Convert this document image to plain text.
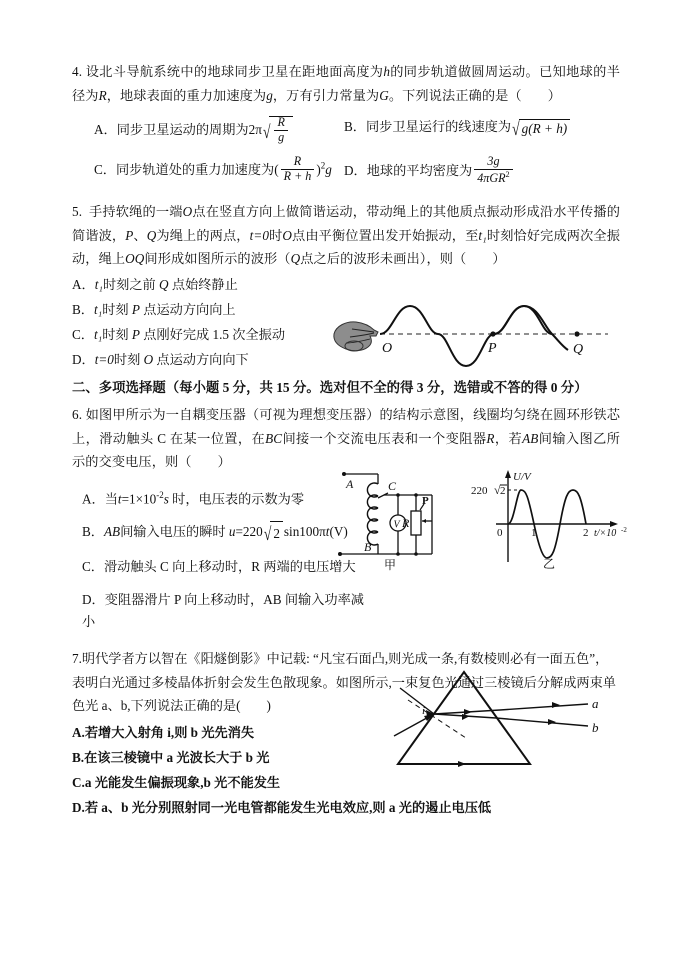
4. 设北斗导航系统中的地球同步卫星在距地面高度为h的同步轨道做圆周运动。已知地球的半径为R，地球表面的重力加速度为g，万有引力常量为G。下列说法正确的是（ ）
A．同步卫星运动的周期为2π √ $\frac{R}{g}$	B．同步卫星运行的线速度为 √ g(R + h)
C．同步轨道处的重力加速度为( $\frac{R}{R + h} )^2g$ D．地球的平均密度为 $\frac{3g}{4\pi GR^2}$
5. 手持软绳的一端O点在竖直方向上做简谐运动，带动绳上的其他质点振动形成沿水平传播的简谐波，P、Q为绳上的两点，t=0时O点由平衡位置出发开始振动，至t₁时刻恰好完成两次全振动，绳上OQ间形成如图所示的波形（Q点之后的波形未画出），则（ ）
A．t₁时刻之前 Q 点始终静止
B．t₁时刻 P 点运动方向向上
C．t₁时刻 P 点刚好完成 1.5 次全振动
D．t=0时刻 O 点运动方向向下
二、多项选择题（每小题 5 分，共 15 分。选对但不全的得 3 分，选错或不答的得 0 分）
6. 如图甲所示为一自耦变压器（可视为理想变压器）的结构示意图，线圈均匀绕在圆环形铁芯上，滑动触头 C 在某一位置，在BC间接一个交流电压表和一个变阻器R，若AB间输入图乙所示的交变电压，则（ ）
A．当$t=1\times 10^{-2}s$ 时，电压表的示数为零
B．AB间输入电压的瞬时 u=220 √ 2 sin100πt(V)
C．滑动触头 C 向上移动时，R 两端的电压增大
D．变阻器滑片 P 向上移动时，AB 间输入功率减小
7.明代学者方以智在《阳燧倒影》中记载: “凡宝石面凸,则光成一条,有数棱则必有一面五色”，表明白光通过多棱晶体折射会发生色散现象。如图所示,一束复色光通过三棱镜后分解成两束单色光 a、b,下列说法正确的是( )
A.若增大入射角 i,则 b 光先消失
B.在该三棱镜中 a 光波长大于 b 光
C.a 光能发生偏振现象,b 光不能发生
D.若 a、b 光分别照射同一光电管都能发生光电效应,则 a 光的遏止电压低
O	P	Q
A	C
B
V R
P
甲
U/V
220 √ 2
0	1	2 t/×10 -2
乙
i	a
b
